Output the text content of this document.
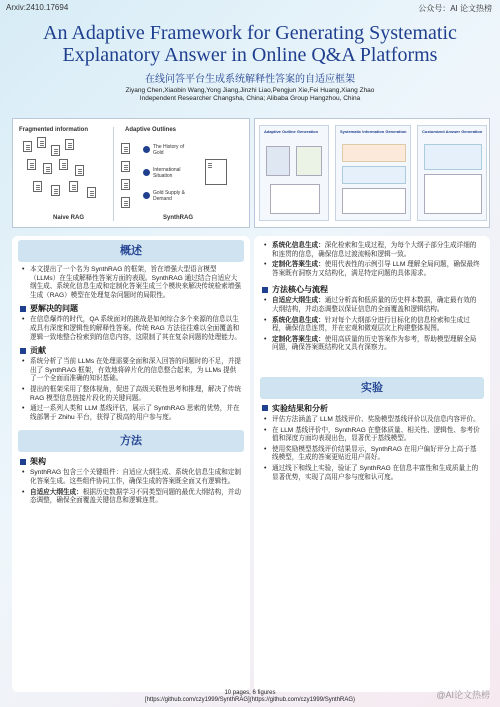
Arxiv:2410.17694	公众号：AI 论文热榜
An Adaptive Framework for Generating Systematic Explanatory Answer in Online Q&A Platforms
在线问答平台生成系统解释性答案的自适应框架
Ziyang Chen,Xiaobin Wang,Yong Jiang,Jinzhi Liao,Pengjun Xie,Fei Huang,Xiang Zhao
Independent Researcher Changsha, China; Alibaba Group Hangzhou, China
Fragmented information
Naive RAG
Adaptive Outlines
The History of Gold
International Situation
Gold Supply & Demand
SynthRAG
Adaptive Outline Generation	Systematic Information Generation	Customized Answer Generation
概述
• 本文提出了一个名为 SynthRAG 的框架，旨在增强大型语言模型（LLMs）在生成解释性答案方面的表现。SynthRAG 通过结合自适应大纲生成、系统化信息生成和定制化答案生成三个模块来解决传统检索增强生成（RAG）模型在处理复杂问题时的局限性。
要解决的问题
• 在信息爆炸的时代，QA 系统面对的挑战是如何综合多个来源的信息以生成具有深度和逻辑性的解释性答案。传统 RAG 方法往往难以全面覆盖和逻辑一致地整合检索到的信息内容，这限制了其在复杂问题的处理能力。
贡献
• 系统分析了当前 LLMs 在处理需要全面和深入回答的问题时的不足，并提出了 SynthRAG 框架，有效地将碎片化的信息整合起来，为 LLMs 提供了一个全面而准确的知识基础。
• 提出的框架采用了整体视角，促进了高级关联性思考和推理，解决了传统 RAG 模型信息链接片段化的关键问题。
• 通过一系列人类和 LLM 基线评估，展示了 SynthRAG 思索的优势，并在线部署于 Zhihu 平台，获得了极高的用户参与度。
方法
架构
• SynthRAG 包含三个关键组件：自适应大纲生成、系统化信息生成和定制化答案生成。这些组件协同工作，确保生成的答案既全面又有逻辑性。
• 自适应大纲生成：根据历史数据学习不同类型问题的最优大纲结构，并动态调整，确保全面覆盖关键信息和逻辑连贯。
• 系统化信息生成：深化检索和生成过程，为每个大纲子部分生成详细的和连贯的信息，确保信息过渡流畅和逻辑一致。
• 定制化答案生成：使用代表性的示例引导 LLM 理解全局问题，确保最终答案既有洞察力又结构化，满足特定问题的具体需求。
方法核心与流程
• 自适应大纲生成：通过分析高和低质量的历史样本数据，确定最有效的大纲结构，并动态调整以保证信息的全面覆盖和逻辑结构。
• 系统化信息生成：针对每个大纲部分进行目标化的信息检索和生成过程，确保信息连贯，并在宏观和微观层次上构建整体视图。
• 定制化答案生成：使用高质量的历史答案作为参考，帮助模型理解全局问题，确保答案既结构化又具有深察力。
实验
实验结果和分析
• 评估方法涵盖了 LLM 基线评价、奖励模型基线评价以及信息内容评价。
• 在 LLM 基线评价中，SynthRAG 在整体质量、相关性、逻辑性、参考价值和深度方面均表现出色，显著优于基线模型。
• 使用奖励模型基线评价结果显示，SynthRAG 在用户偏好评分上高于基线模型，生成的答案更贴近用户喜好。
• 通过线下和线上实验，验证了 SynthRAG 在信息丰富性和生成质量上的显著优势，实现了高用户参与度和认可度。
10 pages, 6 figures
[https://github.com/czy1999/SynthRAG](https://github.com/czy1999/SynthRAG)	@AI论文热榜
